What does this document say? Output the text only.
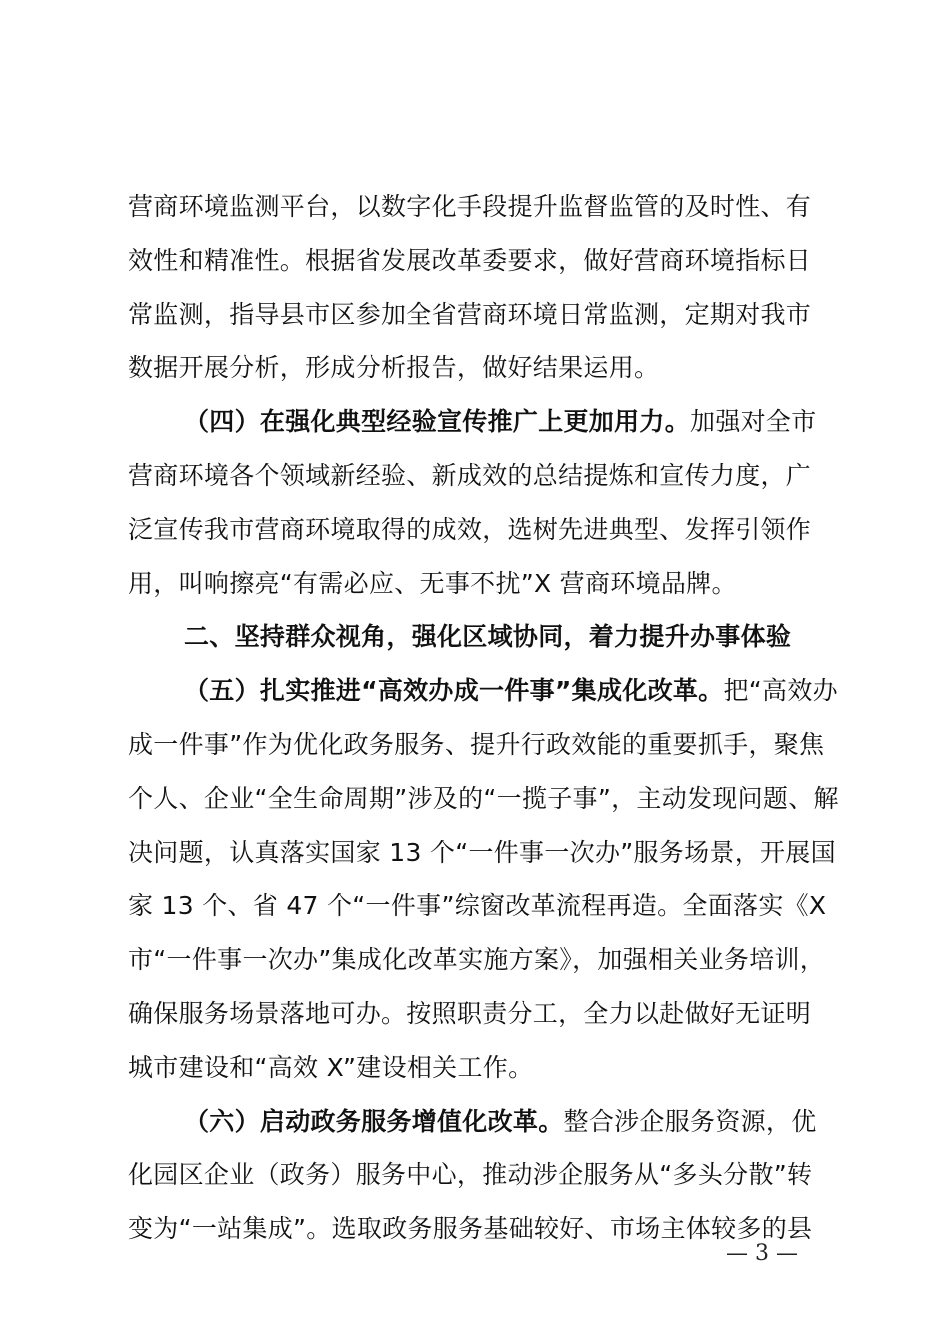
营商环境监测平台，以数字化手段提升监督监管的及时性、有
效性和精准性。根据省发展改革委要求，做好营商环境指标日
常监测，指导县市区参加全省营商环境日常监测，定期对我市
数据开展分析，形成分析报告，做好结果运用。
（四）在强化典型经验宣传推广上更加用力。加强对全市
营商环境各个领域新经验、新成效的总结提炼和宣传力度，广
泛宣传我市营商环境取得的成效，选树先进典型、发挥引领作
用，叫响擦亮“有需必应、无事不扰”X 营商环境品牌。
二、坚持群众视角，强化区域协同，着力提升办事体验
（五）扎实推进“高效办成一件事”集成化改革。把“高效办
成一件事”作为优化政务服务、提升行政效能的重要抓手，聚焦
个人、企业“全生命周期”涉及的“一揽子事”，主动发现问题、解
决问题，认真落实国家 13 个“一件事一次办”服务场景，开展国
家 13 个、省 47 个“一件事”综窗改革流程再造。全面落实《X
市“一件事一次办”集成化改革实施方案》，加强相关业务培训，
确保服务场景落地可办。按照职责分工，全力以赴做好无证明
城市建设和“高效 X”建设相关工作。
（六）启动政务服务增值化改革。整合涉企服务资源，优
化园区企业（政务）服务中心，推动涉企服务从“多头分散”转
变为“一站集成”。选取政务服务基础较好、市场主体较多的县
— 3 —
